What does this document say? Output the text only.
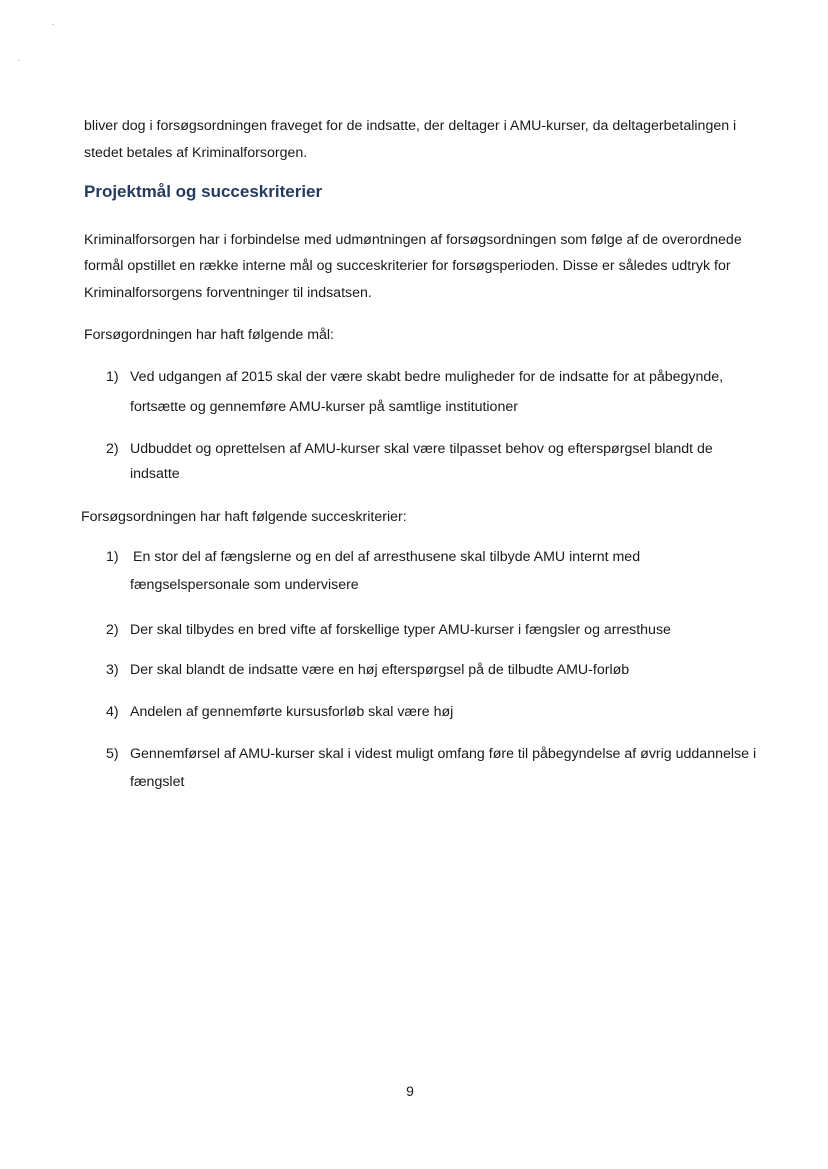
bliver dog i forsøgsordningen fraveget for de indsatte, der deltager i AMU-kurser, da deltagerbetalingen i

stedet betales af Kriminalforsorgen.

Projektmål og succeskriterier

Kriminalforsorgen har i forbindelse med udmøntningen af forsøgsordningen som følge af de overordnede

formål opstillet en række interne mål og succeskriterier for forsøgsperioden. Disse er således udtryk for

Kriminalforsorgens forventninger til indsatsen.

Forsøgordningen har haft følgende mål:

1) Ved udgangen af 2015 skal der være skabt bedre muligheder for de indsatte for at påbegynde,
fortsætte og gennemføre AMU-kurser på samtlige institutioner
2) Udbuddet og oprettelsen af AMU-kurser skal være tilpasset behov og efterspørgsel blandt de
indsatte

Forsøgsordningen har haft følgende succeskriterier:

1)	En stor del af fængslerne og en del af arresthusene skal tilbyde AMU internt med
fængselspersonale som undervisere
2) Der skal tilbydes en bred vifte af forskellige typer AMU-kurser i fængsler og arresthuse
3) Der skal blandt de indsatte være en høj efterspørgsel på de tilbudte AMU-forløb
4) Andelen af gennemførte kursusforløb skal være høj
5) Gennemførsel af AMU-kurser skal i videst muligt omfang føre til påbegyndelse af øvrig uddannelse i
fængslet
9
